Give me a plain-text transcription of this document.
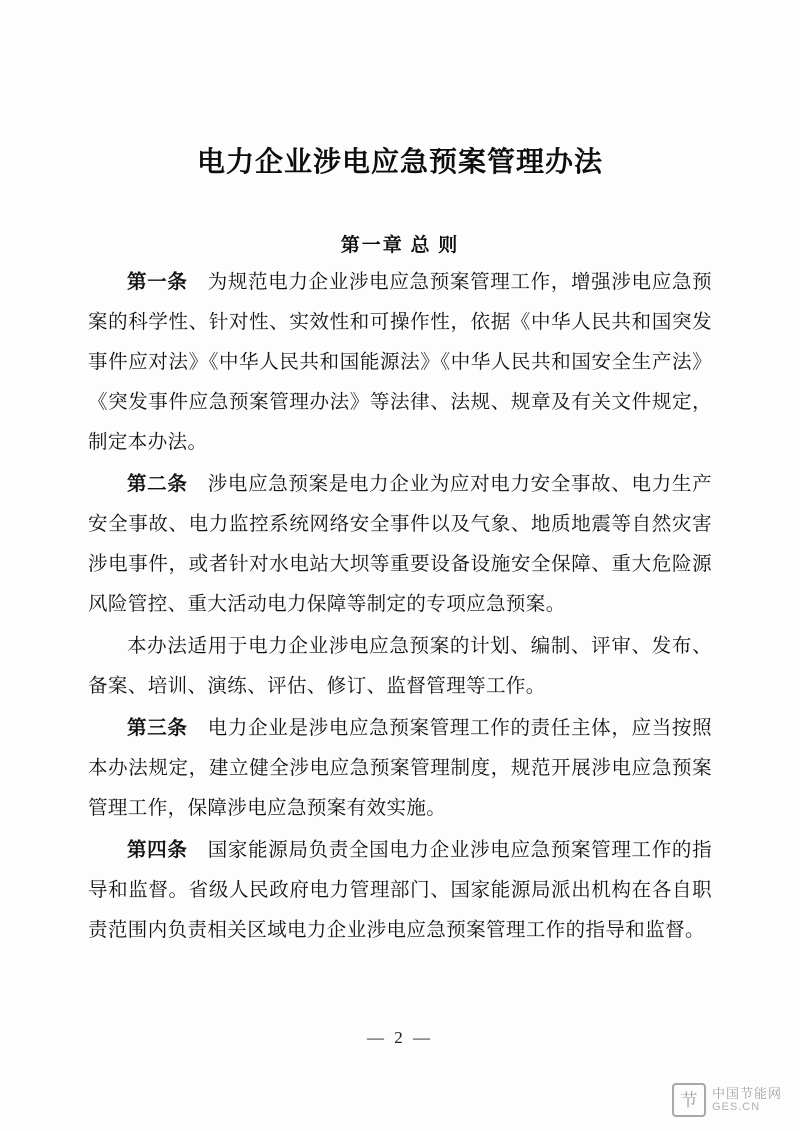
电力企业涉电应急预案管理办法
第一章 总 则

第一条　为规范电力企业涉电应急预案管理工作，增强涉电应急预案的科学性、针对性、实效性和可操作性，依据《中华人民共和国突发事件应对法》《中华人民共和国能源法》《中华人民共和国安全生产法》《突发事件应急预案管理办法》等法律、法规、规章及有关文件规定，制定本办法。

第二条　涉电应急预案是电力企业为应对电力安全事故、电力生产安全事故、电力监控系统网络安全事件以及气象、地质地震等自然灾害涉电事件，或者针对水电站大坝等重要设备设施安全保障、重大危险源风险管控、重大活动电力保障等制定的专项应急预案。

本办法适用于电力企业涉电应急预案的计划、编制、评审、发布、备案、培训、演练、评估、修订、监督管理等工作。

第三条　电力企业是涉电应急预案管理工作的责任主体，应当按照本办法规定，建立健全涉电应急预案管理制度，规范开展涉电应急预案管理工作，保障涉电应急预案有效实施。

第四条　国家能源局负责全国电力企业涉电应急预案管理工作的指导和监督。省级人民政府电力管理部门、国家能源局派出机构在各自职责范围内负责相关区域电力企业涉电应急预案管理工作的指导和监督。

— 2 —
节	中国节能网
GES.CN
